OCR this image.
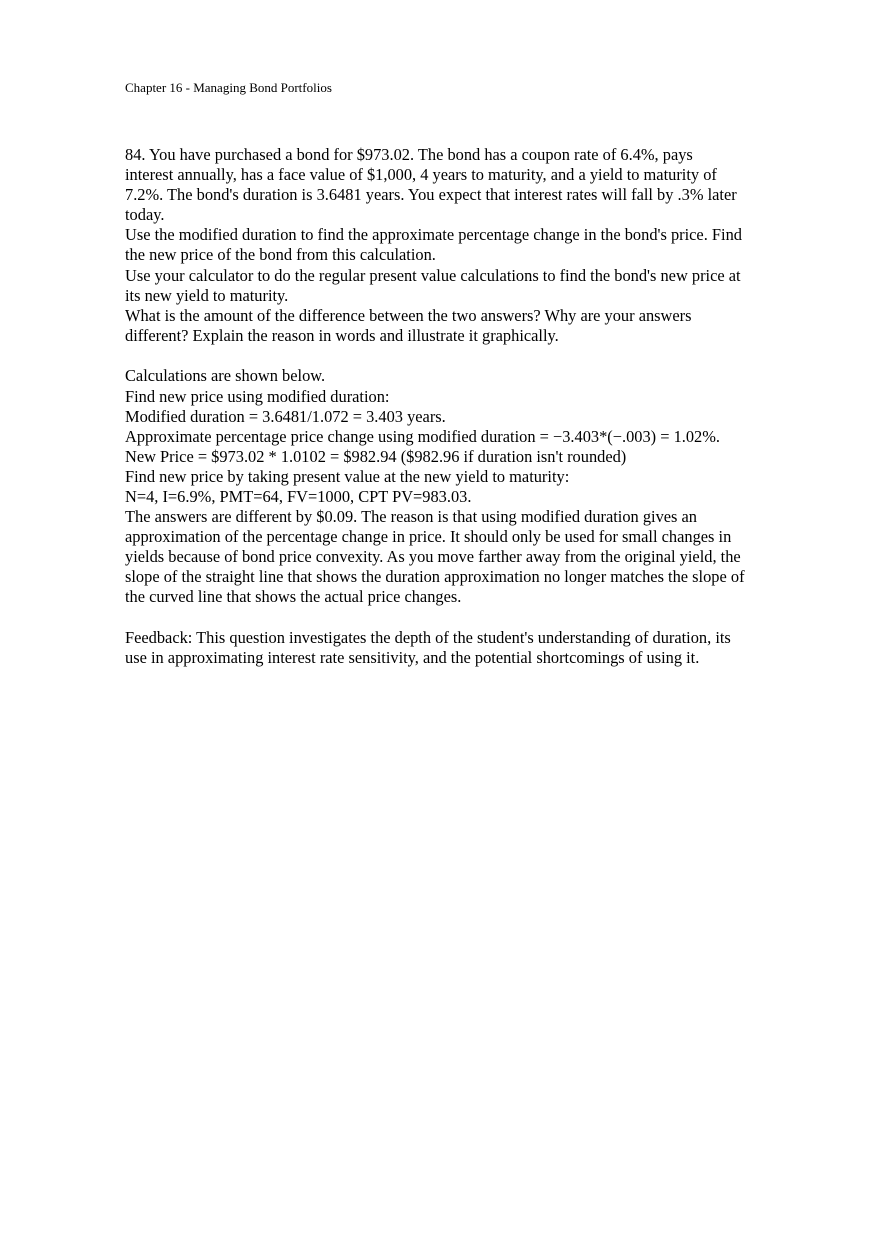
Chapter 16 - Managing Bond Portfolios

84. You have purchased a bond for $973.02. The bond has a coupon rate of 6.4%, pays
interest annually, has a face value of $1,000, 4 years to maturity, and a yield to maturity of
7.2%. The bond's duration is 3.6481 years. You expect that interest rates will fall by .3% later
today.
Use the modified duration to find the approximate percentage change in the bond's price. Find
the new price of the bond from this calculation.
Use your calculator to do the regular present value calculations to find the bond's new price at
its new yield to maturity.
What is the amount of the difference between the two answers? Why are your answers
different? Explain the reason in words and illustrate it graphically.

Calculations are shown below.
Find new price using modified duration:
Modified duration = 3.6481/1.072 = 3.403 years.
Approximate percentage price change using modified duration = −3.403*(−.003) = 1.02%.
New Price = $973.02 * 1.0102 = $982.94 ($982.96 if duration isn't rounded)
Find new price by taking present value at the new yield to maturity:
N=4, I=6.9%, PMT=64, FV=1000, CPT PV=983.03.
The answers are different by $0.09. The reason is that using modified duration gives an
approximation of the percentage change in price. It should only be used for small changes in
yields because of bond price convexity. As you move farther away from the original yield, the
slope of the straight line that shows the duration approximation no longer matches the slope of
the curved line that shows the actual price changes.

Feedback: This question investigates the depth of the student's understanding of duration, its
use in approximating interest rate sensitivity, and the potential shortcomings of using it.
